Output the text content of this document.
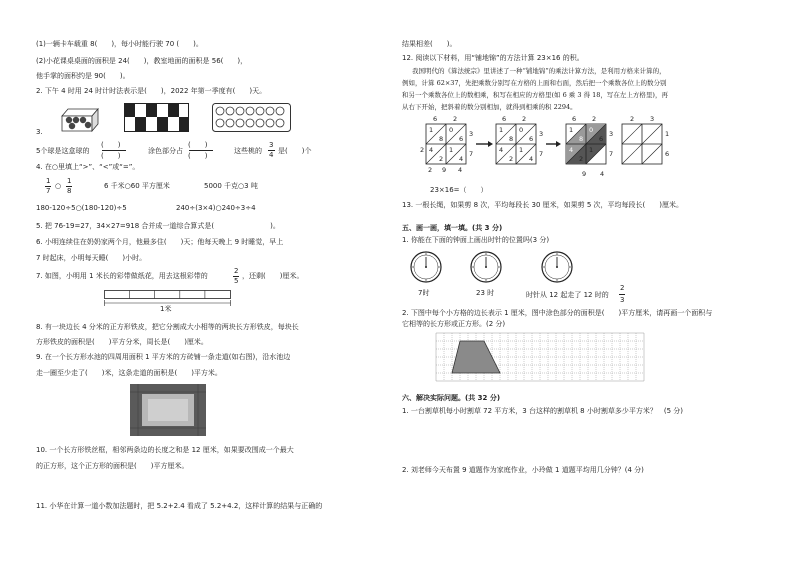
(1)一辆卡车载重 8(　　)，每小时能行驶 70 (　　)。
(2)小花课桌桌面的面积是 24(　　)，教室地面的面积是 56(　　)，
他手掌的面积约是 90(　　)。
2. 下午 4 时用 24 时计时法表示是(　　)，2022 年第一季度有(　　)天。
3.
5个球是这盒球的
(　　)
(　　)
涂色部分占
(　　)
(　　)
这些桃的
3
4 是(　　)个
4. 在○里填上“>”、“<”或“=”。
1
7
○
1
8
6 千米○60 平方厘米	5000 千克○3 吨
180-120÷5○(180-120)÷5	240÷(3×4)○240÷3÷4
5. 把 76-19=27，34×27=918 合并成一道综合算式是(　　　　　　　　)。
6. 小明连续住在奶奶家两个月，他最多住(　　)天；他每天晚上 9 时睡觉，早上
7 时起床，小明每天睡(　　)小时。
7. 如图，小明用 1 米长的彩带做纸花，用去这根彩带的
2
5
，还剩(　　)厘米。
1米
8. 有一块边长 4 分米的正方形铁皮，把它分割成大小相等的两块长方形铁皮，每块长
方形铁皮的面积是(　　)平方分米，周长是(　　)厘米。
9. 在一个长方形水池的四周用面积 1 平方米的方砖铺一条走道(如右图)，沿水池边
走一圈至少走了(　　)米，这条走道的面积是(　　)平方米。
10. 一个长方形铁丝框，相邻两条边的长度之和是 12 厘米，如果要改围成一个最大
的正方形，这个正方形的面积是(　　)平方厘米。
11. 小华在计算一道小数加法题时，把 5.2+2.4 看成了 5.2+4.2，这样计算的结果与正确的
结果相差(　　)。
12. 阅读以下材料，用“铺地锦”的方法计算 23×16 的积。
我国明代的《算法统宗》里讲述了一种“铺地锦”的乘法计算方法，是利用方格来计算的，
例如，计算 62×37，先把乘数分别写在方格的上面和右面，然后把一个乘数各位上的数分别
和另一个乘数各位上的数相乘，积写在相应的方格里(如 6 乘 3 得 18，写在左上方格里)，再
从右下开始，把斜着的数分别相加，就得到相乘的积 2294。
6 2
1
8
0
6
4
2
1
4
3
7
2
2 9 4
6 2
1
8
0
6
4
2
1
4
3
7
6 2
1
8
0
6
4
2
1
4
3
7
9 4
2 3
1
6
23×16=（　　）
13. 一根长绳，如果剪 8 次，平均每段长 30 厘米，如果剪 5 次，平均每段长(　　)厘米。
五、画一画，填一填。(共 3 分)
1. 你能在下面的钟面上画出时针的位置吗(3 分)
7时	23 时	时针从 12 起走了 12 时的
2
3
2. 下图中每个小方格的边长表示 1 厘米，图中涂色部分的面积是(　　)平方厘米，请再画一个面积与
它相等的长方形或正方形。(2 分)
六、解决实际问题。(共 32 分)
1. 一台割草机每小时割草 72 平方米，3 台这样的割草机 8 小时割草多少平方米？　(5 分)
2. 刘老师今天布置 9 道题作为家庭作业，小玲做 1 道题平均用几分钟？(4 分)
